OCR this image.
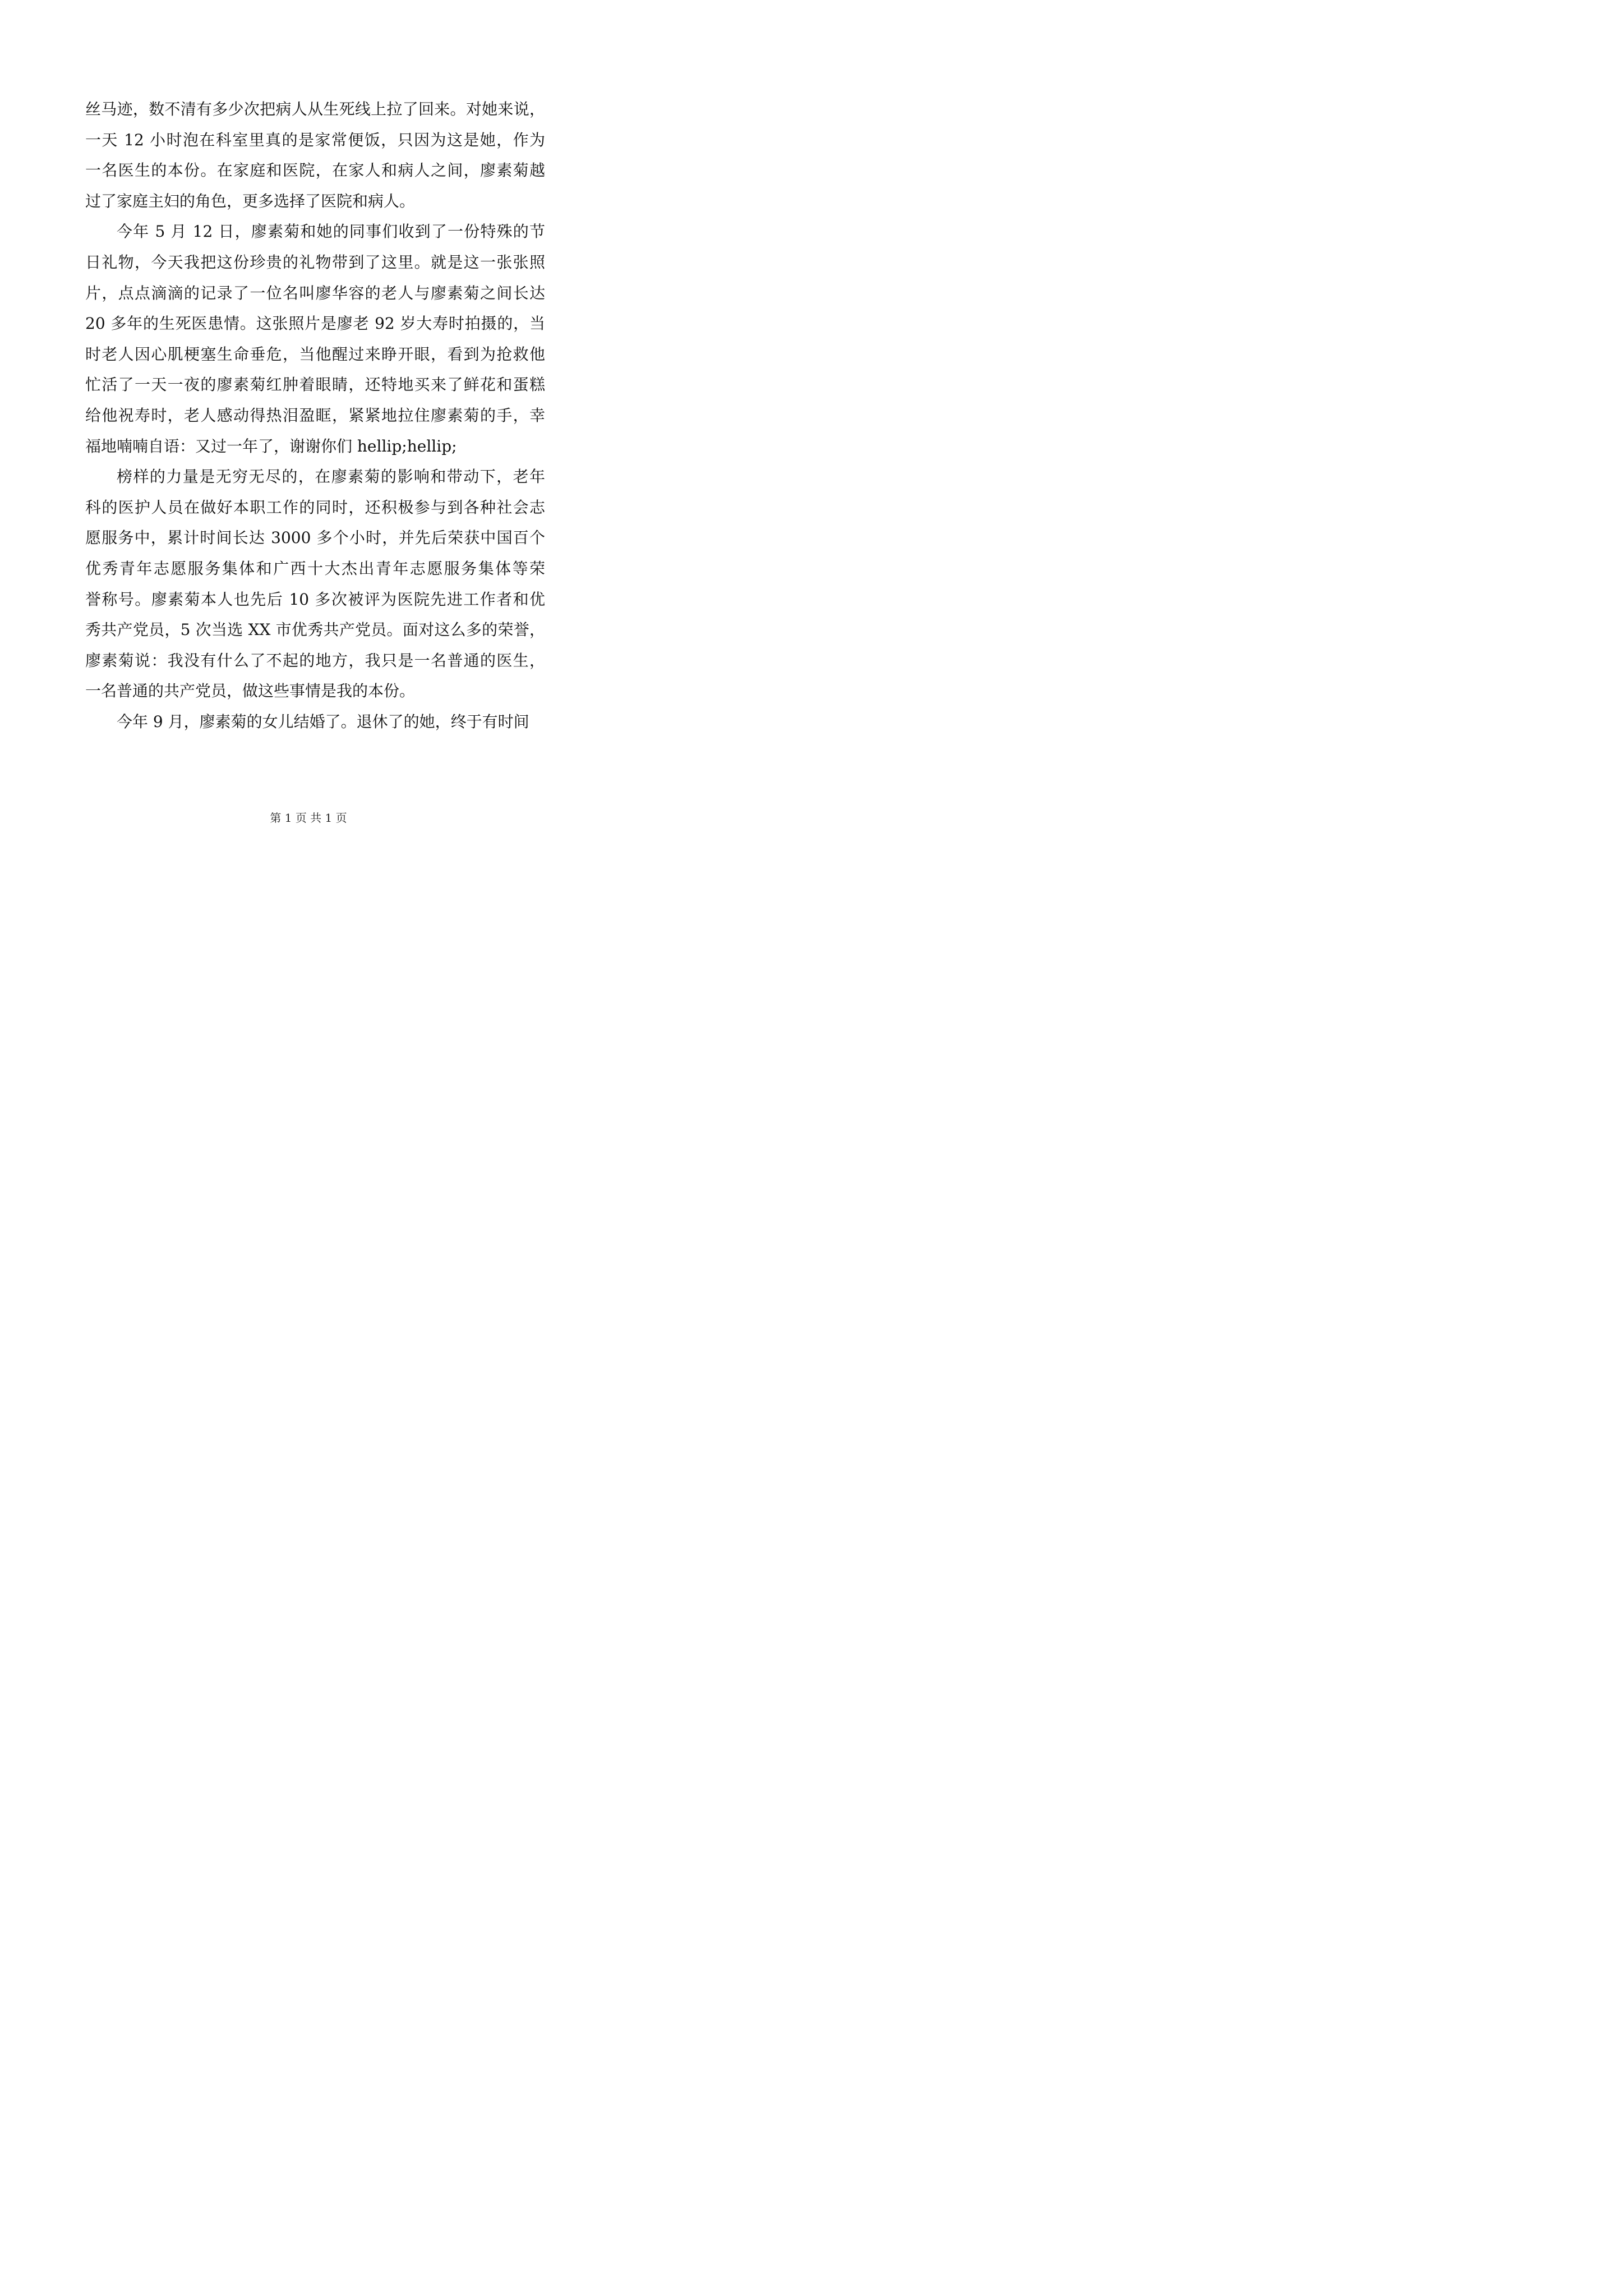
丝马迹，数不清有多少次把病人从生死线上拉了回来。对她来说，
一天 12 小时泡在科室里真的是家常便饭，只因为这是她，作为
一名医生的本份。在家庭和医院，在家人和病人之间，廖素菊越
过了家庭主妇的角色，更多选择了医院和病人。
今年 5 月 12 日，廖素菊和她的同事们收到了一份特殊的节
日礼物，今天我把这份珍贵的礼物带到了这里。就是这一张张照
片，点点滴滴的记录了一位名叫廖华容的老人与廖素菊之间长达
20 多年的生死医患情。这张照片是廖老 92 岁大寿时拍摄的，当
时老人因心肌梗塞生命垂危，当他醒过来睁开眼，看到为抢救他
忙活了一天一夜的廖素菊红肿着眼睛，还特地买来了鲜花和蛋糕
给他祝寿时，老人感动得热泪盈眶，紧紧地拉住廖素菊的手，幸
福地喃喃自语：又过一年了，谢谢你们 hellip;hellip;
榜样的力量是无穷无尽的，在廖素菊的影响和带动下，老年
科的医护人员在做好本职工作的同时，还积极参与到各种社会志
愿服务中，累计时间长达 3000 多个小时，并先后荣获中国百个
优秀青年志愿服务集体和广西十大杰出青年志愿服务集体等荣
誉称号。廖素菊本人也先后 10 多次被评为医院先进工作者和优
秀共产党员，5 次当选 XX 市优秀共产党员。面对这么多的荣誉，
廖素菊说：我没有什么了不起的地方，我只是一名普通的医生，
一名普通的共产党员，做这些事情是我的本份。
今年 9 月，廖素菊的女儿结婚了。退休了的她，终于有时间
第 1 页 共 1 页
